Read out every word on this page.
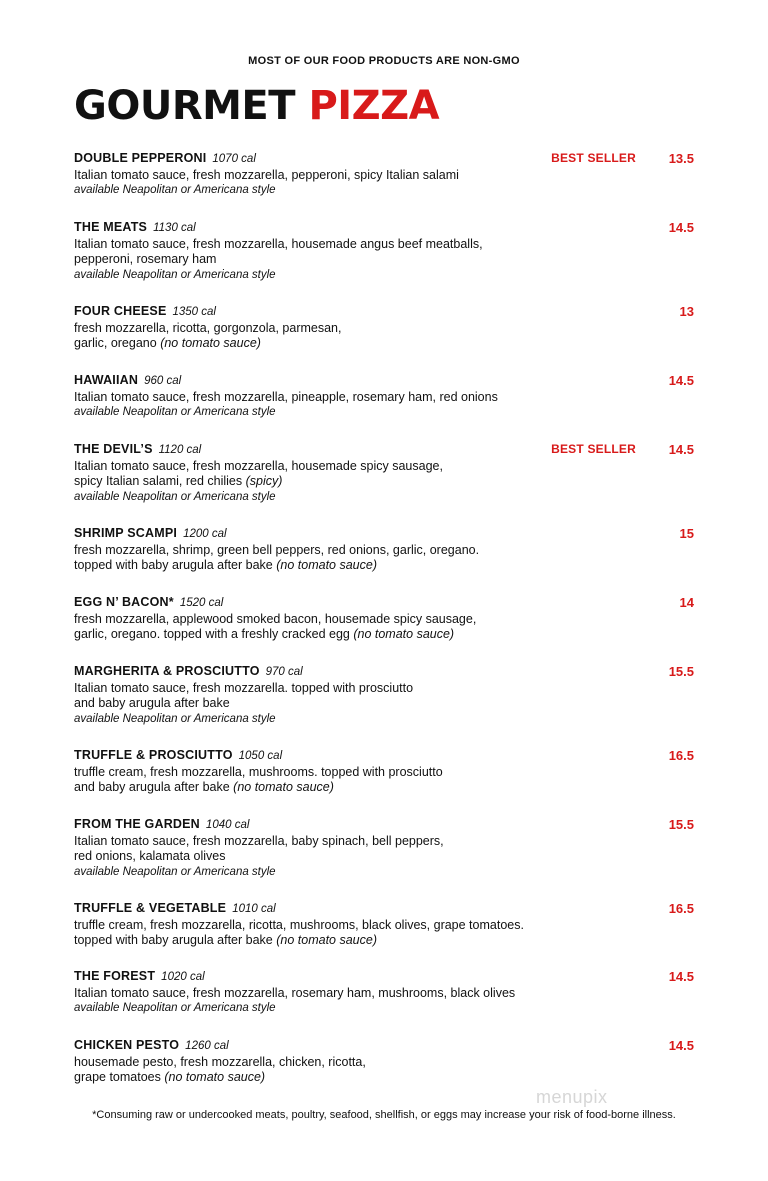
MOST OF OUR FOOD PRODUCTS ARE NON-GMO
GOURMET PIZZA
DOUBLE PEPPERONI 1070 cal
Italian tomato sauce, fresh mozzarella, pepperoni, spicy Italian salami
available Neapolitan or Americana style
BEST SELLER	13.5
THE MEATS 1130 cal
Italian tomato sauce, fresh mozzarella, housemade angus beef meatballs,
pepperoni, rosemary ham
available Neapolitan or Americana style
14.5
FOUR CHEESE 1350 cal
fresh mozzarella, ricotta, gorgonzola, parmesan,
garlic, oregano (no tomato sauce)
13
HAWAIIAN 960 cal
Italian tomato sauce, fresh mozzarella, pineapple, rosemary ham, red onions
available Neapolitan or Americana style
14.5
THE DEVIL’S 1120 cal
Italian tomato sauce, fresh mozzarella, housemade spicy sausage,
spicy Italian salami, red chilies (spicy)
available Neapolitan or Americana style
BEST SELLER	14.5
SHRIMP SCAMPI 1200 cal
fresh mozzarella, shrimp, green bell peppers, red onions, garlic, oregano.
topped with baby arugula after bake (no tomato sauce)
15
EGG N’ BACON* 1520 cal
fresh mozzarella, applewood smoked bacon, housemade spicy sausage,
garlic, oregano. topped with a freshly cracked egg (no tomato sauce)
14
MARGHERITA & PROSCIUTTO 970 cal
Italian tomato sauce, fresh mozzarella. topped with prosciutto
and baby arugula after bake
available Neapolitan or Americana style
15.5
TRUFFLE & PROSCIUTTO 1050 cal
truffle cream, fresh mozzarella, mushrooms. topped with prosciutto
and baby arugula after bake (no tomato sauce)
16.5
FROM THE GARDEN 1040 cal
Italian tomato sauce, fresh mozzarella, baby spinach, bell peppers,
red onions, kalamata olives
available Neapolitan or Americana style
15.5
TRUFFLE & VEGETABLE 1010 cal
truffle cream, fresh mozzarella, ricotta, mushrooms, black olives, grape tomatoes.
topped with baby arugula after bake (no tomato sauce)
16.5
THE FOREST 1020 cal
Italian tomato sauce, fresh mozzarella, rosemary ham, mushrooms, black olives
available Neapolitan or Americana style
14.5
CHICKEN PESTO 1260 cal
housemade pesto, fresh mozzarella, chicken, ricotta,
grape tomatoes (no tomato sauce)
14.5
menupix
*Consuming raw or undercooked meats, poultry, seafood, shellfish, or eggs may increase your risk of food-borne illness.
